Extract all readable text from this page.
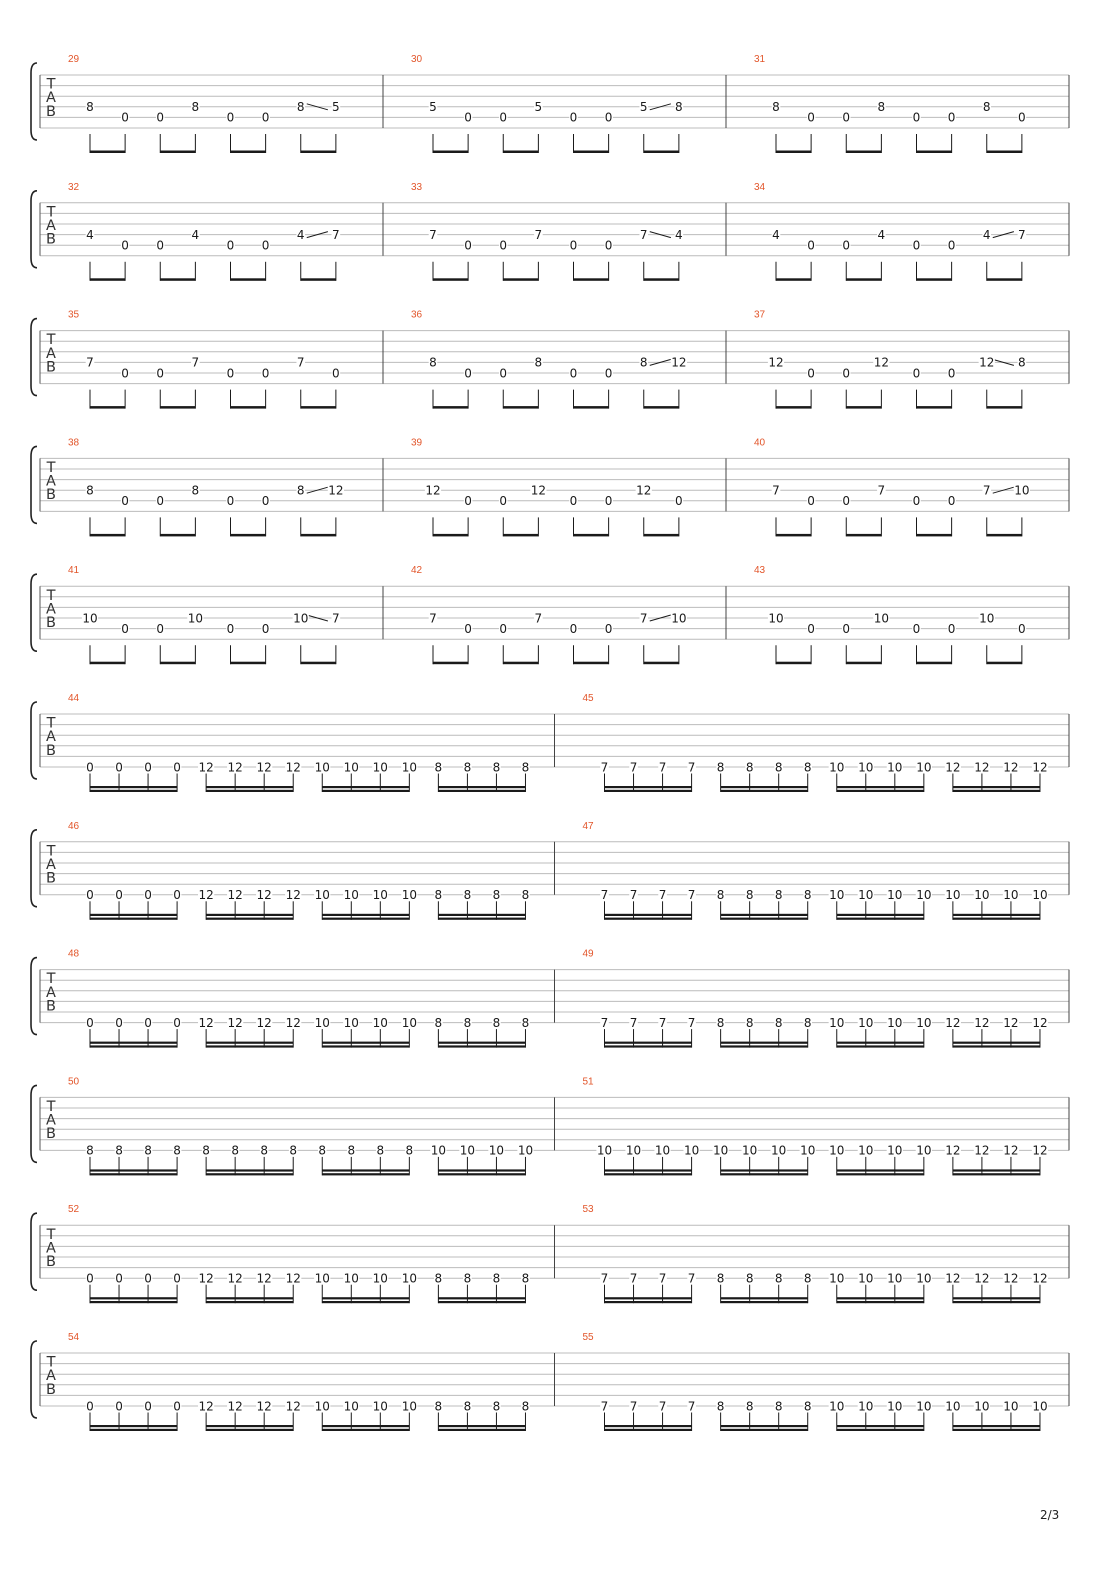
T
A
B
29
8
0 0
8
0 0
8 5
30
5
0 0
5
0 0
5 8
31
8
0 0
8
0 0
8
0
T
A
B
32
4
0 0
4
0 0
4 7
33
7
0 0
7
0 0
7 4
34
4
0 0
4
0 0
4 7
T
A
B
35
7
0 0
7
0 0
7
0
36
8
0 0
8
0 0
8 12
37
12
0 0
12
0 0
12 8
T
A
B
38
8
0 0
8
0 0
8 12
39
12
0 0
12
0 0
12
0
40
7
0 0
7
0 0
7 10
T
A
B
41
10
0 0
10
0 0
10 7
42
7
0 0
7
0 0
7 10
43
10
0 0
10
0 0
10
0
T
A
B
44
0 0 0 0 12 12 12 12 10 10 10 10 8 8 8 8
45
7 7 7 7 8 8 8 8 10 10 10 10 12 12 12 12
T
A
B
46
0 0 0 0 12 12 12 12 10 10 10 10 8 8 8 8
47
7 7 7 7 8 8 8 8 10 10 10 10 10 10 10 10
T
A
B
48
0 0 0 0 12 12 12 12 10 10 10 10 8 8 8 8
49
7 7 7 7 8 8 8 8 10 10 10 10 12 12 12 12
T
A
B
50
8 8 8 8 8 8 8 8 8 8 8 8 10 10 10 10
51
10 10 10 10 10 10 10 10 10 10 10 10 12 12 12 12
T
A
B
52
0 0 0 0 12 12 12 12 10 10 10 10 8 8 8 8
53
7 7 7 7 8 8 8 8 10 10 10 10 12 12 12 12
T
A
B
54
0 0 0 0 12 12 12 12 10 10 10 10 8 8 8 8
55
7 7 7 7 8 8 8 8 10 10 10 10 10 10 10 10
2/3
